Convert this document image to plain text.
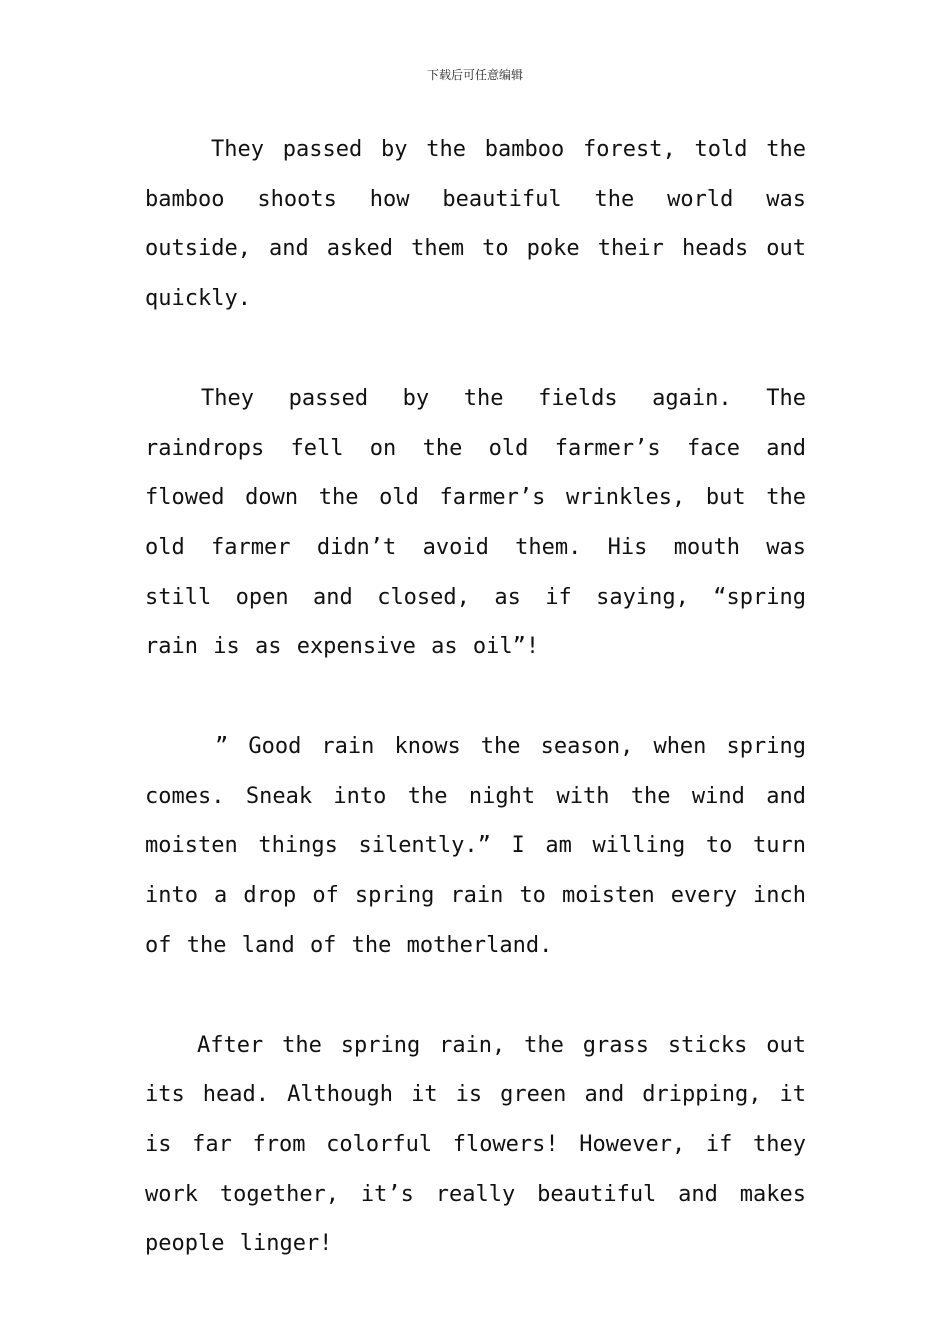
下载后可任意编辑

They passed by the bamboo forest, told the bamboo shoots how beautiful the world was outside, and asked them to poke their heads out quickly.

They passed by the fields again. The raindrops fell on the old farmer’s face and flowed down the old farmer’s wrinkles, but the old farmer didn’t avoid them. His mouth was still open and closed, as if saying, “spring rain is as expensive as oil”!

” Good rain knows the season, when spring comes. Sneak into the night with the wind and moisten things silently.” I am willing to turn into a drop of spring rain to moisten every inch of the land of the motherland.

After the spring rain, the grass sticks out its head. Although it is green and dripping, it is far from colorful flowers! However, if they work together, it’s really beautiful and makes people linger!
